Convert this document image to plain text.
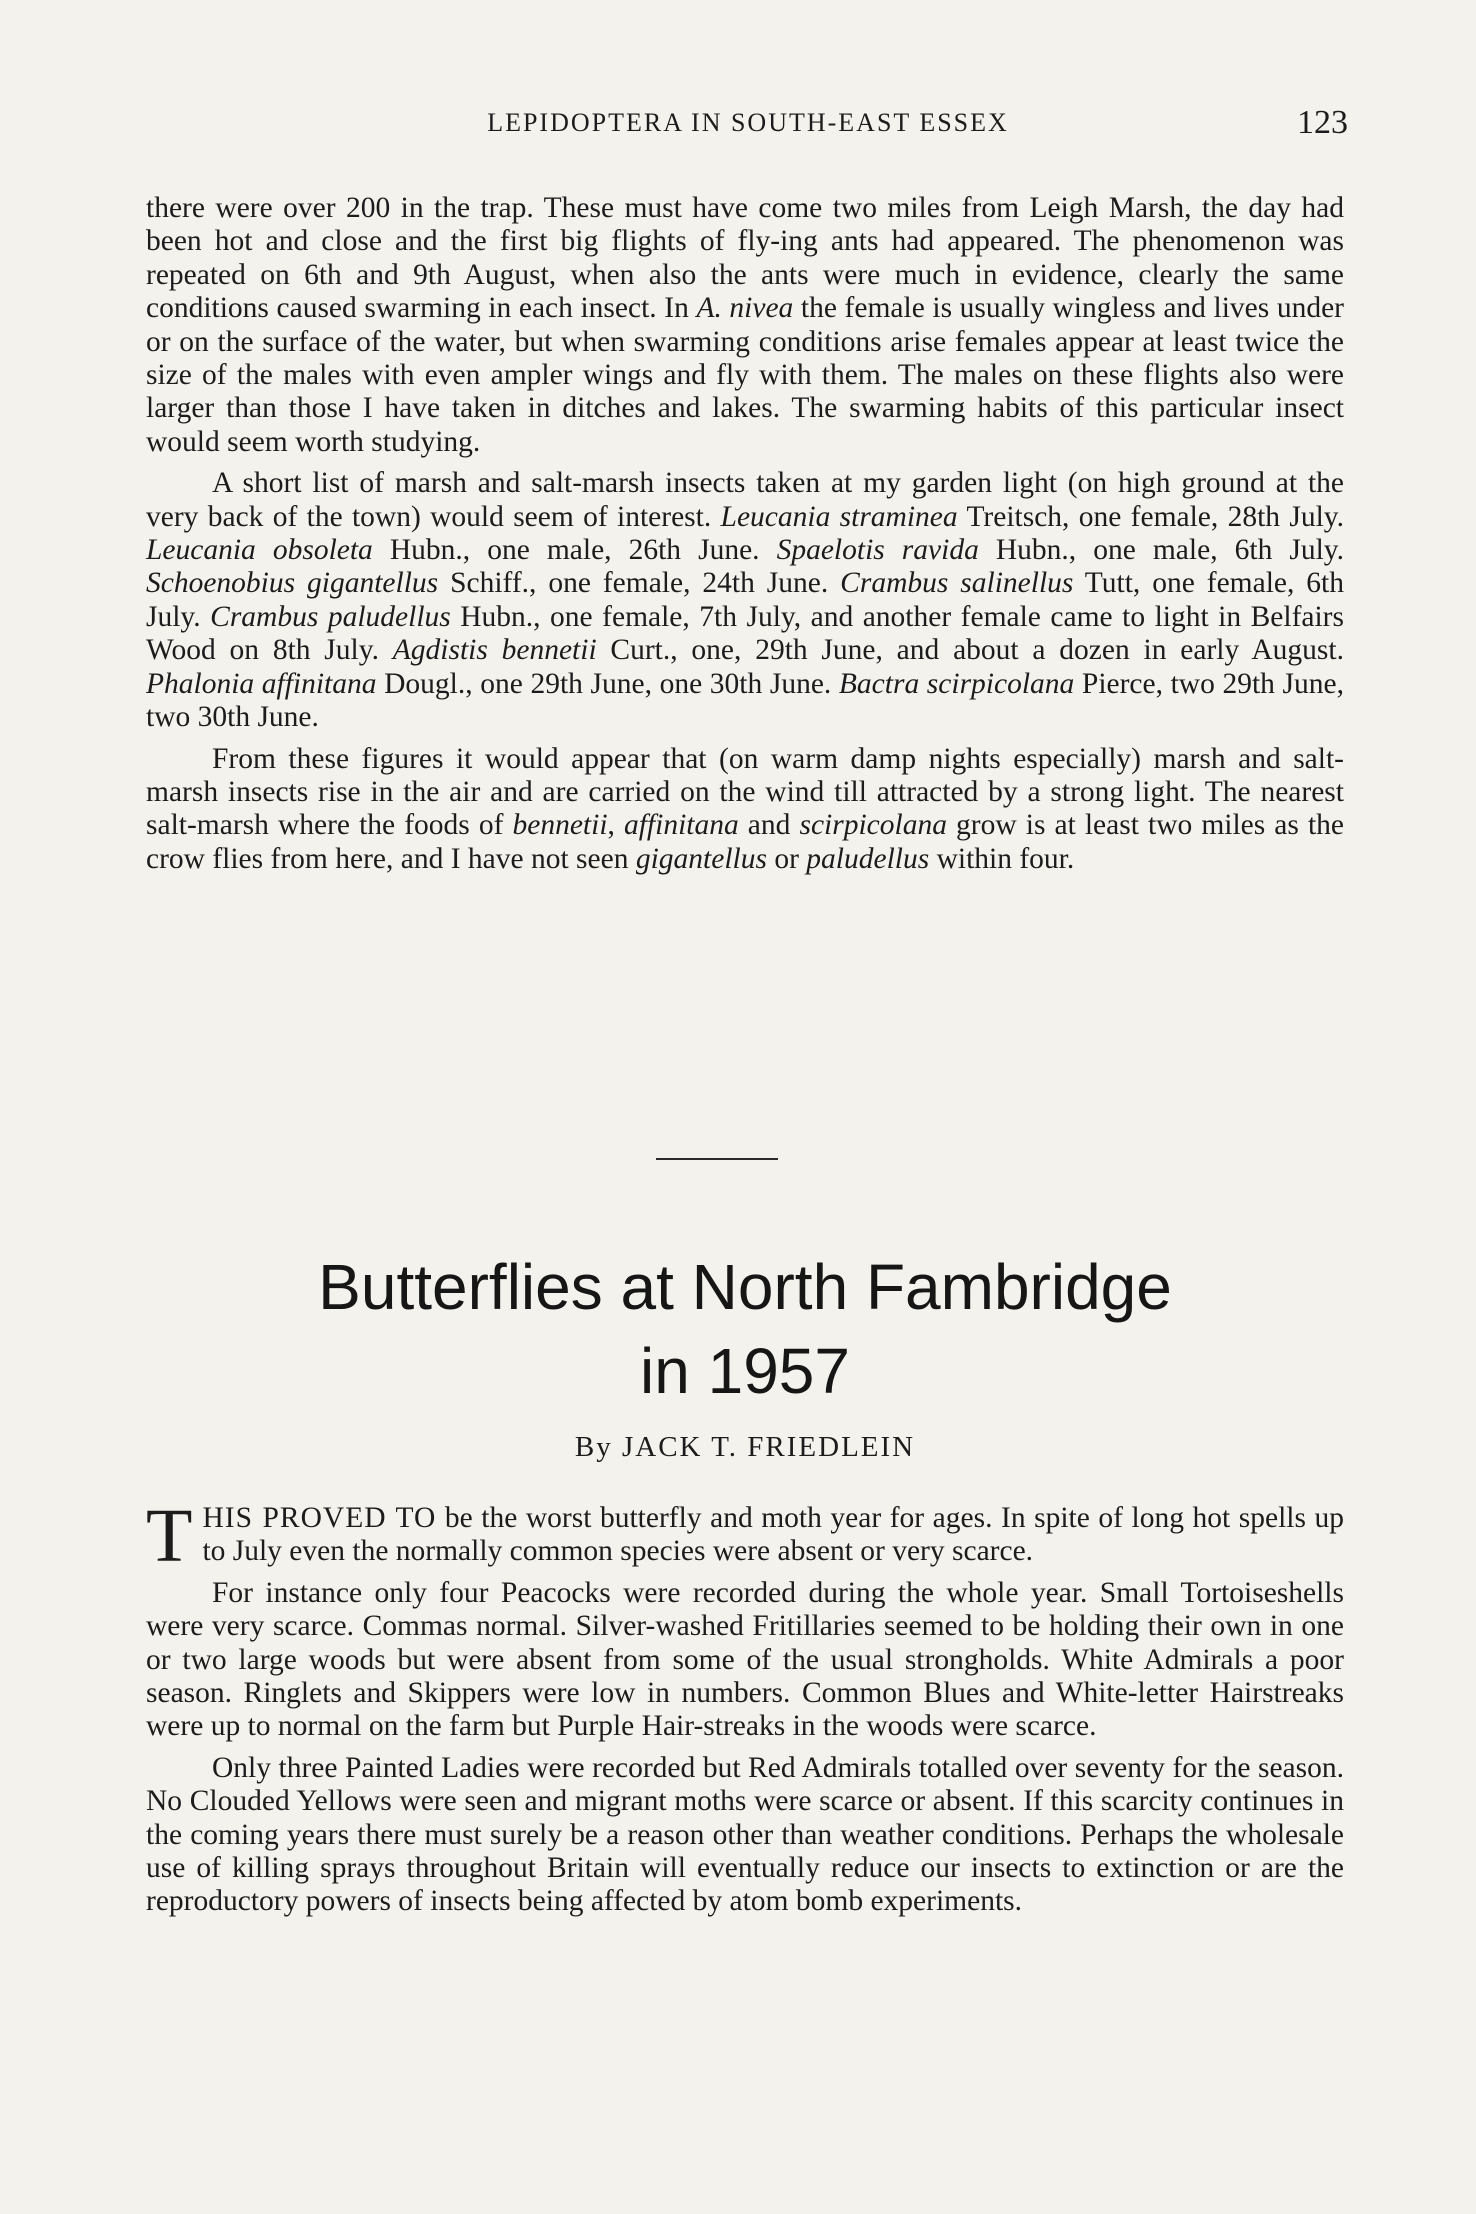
LEPIDOPTERA IN SOUTH-EAST ESSEX	123

there were over 200 in the trap. These must have come two miles from Leigh Marsh, the day had been hot and close and the first big flights of fly-ing ants had appeared. The phenomenon was repeated on 6th and 9th August, when also the ants were much in evidence, clearly the same conditions caused swarming in each insect. In A. nivea the female is usually wingless and lives under or on the surface of the water, but when swarming conditions arise females appear at least twice the size of the males with even ampler wings and fly with them. The males on these flights also were larger than those I have taken in ditches and lakes. The swarming habits of this particular insect would seem worth studying.

A short list of marsh and salt-marsh insects taken at my garden light (on high ground at the very back of the town) would seem of interest. Leucania straminea Treitsch, one female, 28th July. Leucania obsoleta Hubn., one male, 26th June. Spaelotis ravida Hubn., one male, 6th July. Schoenobius gigantellus Schiff., one female, 24th June. Crambus salinellus Tutt, one female, 6th July. Crambus paludellus Hubn., one female, 7th July, and another female came to light in Belfairs Wood on 8th July. Agdistis bennetii Curt., one, 29th June, and about a dozen in early August. Phalonia affinitana Dougl., one 29th June, one 30th June. Bactra scirpicolana Pierce, two 29th June, two 30th June.

From these figures it would appear that (on warm damp nights especially) marsh and salt-marsh insects rise in the air and are carried on the wind till attracted by a strong light. The nearest salt-marsh where the foods of bennetii, affinitana and scirpicolana grow is at least two miles as the crow flies from here, and I have not seen gigantellus or paludellus within four.

Butterflies at North Fambridge
in 1957
By JACK T. FRIEDLEIN

THIS PROVED TO be the worst butterfly and moth year for ages. In spite of long hot spells up to July even the normally common species were absent or very scarce.

For instance only four Peacocks were recorded during the whole year. Small Tortoiseshells were very scarce. Commas normal. Silver-washed Fritillaries seemed to be holding their own in one or two large woods but were absent from some of the usual strongholds. White Admirals a poor season. Ringlets and Skippers were low in numbers. Common Blues and White-letter Hairstreaks were up to normal on the farm but Purple Hair-streaks in the woods were scarce.

Only three Painted Ladies were recorded but Red Admirals totalled over seventy for the season. No Clouded Yellows were seen and migrant moths were scarce or absent. If this scarcity continues in the coming years there must surely be a reason other than weather conditions. Perhaps the wholesale use of killing sprays throughout Britain will eventually reduce our insects to extinction or are the reproductory powers of insects being affected by atom bomb experiments.
